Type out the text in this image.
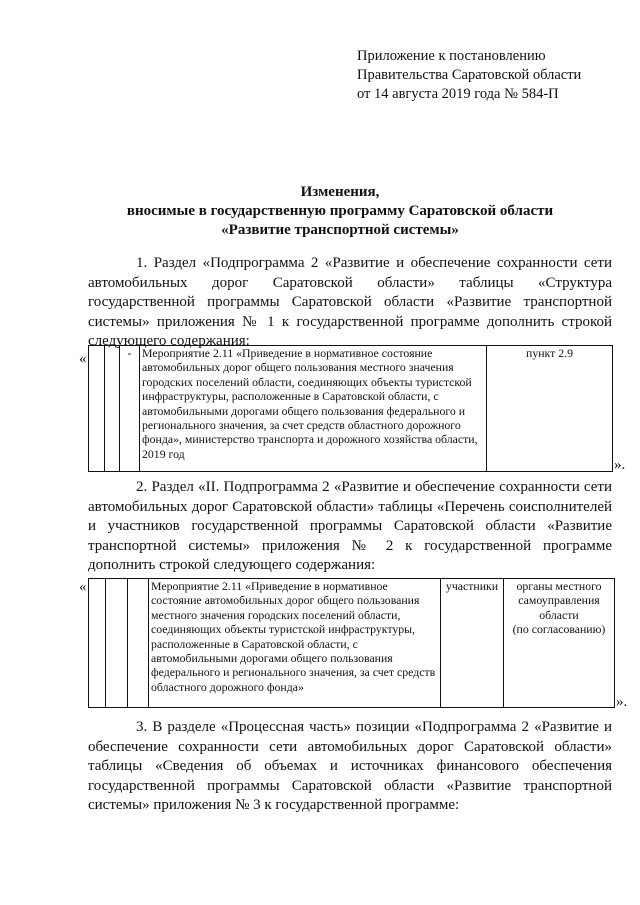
Приложение к постановлению
Правительства Саратовской области
от 14 августа 2019 года № 584-П
Изменения,
вносимые в государственную программу Саратовской области
«Развитие транспортной системы»
1. Раздел «Подпрограмма 2 «Развитие и обеспечение сохранности сети автомобильных дорог Саратовской области» таблицы «Структура государственной программы Саратовской области «Развитие транспортной системы» приложения № 1 к государственной программе дополнить строкой следующего содержания:
«
			-	Мероприятие 2.11 «Приведение в нормативное состояние автомобильных дорог общего пользования местного значения городских поселений области, соединяющих объекты туристской инфраструктуры, расположенные в Саратовской области, с автомобильными дорогами общего пользования федерального и регионального значения, за счет средств областного дорожного фонда», министерство транспорта и дорожного хозяйства области, 2019 год	пункт 2.9
».
2. Раздел «II. Подпрограмма 2 «Развитие и обеспечение сохранности сети автомобильных дорог Саратовской области» таблицы «Перечень соисполнителей и участников государственной программы Саратовской области «Развитие транспортной системы» приложения № 2 к государственной программе дополнить строкой следующего содержания:
«
				Мероприятие 2.11 «Приведение в нормативное состояние автомобильных дорог общего пользования местного значения городских поселений области, соединяющих объекты туристской инфраструктуры, расположенные в Саратовской области, с автомобильными дорогами общего пользования федерального и регионального значения, за счет средств областного дорожного фонда»	участники	органы местного
самоуправления
области
(по согласованию)
».
3. В разделе «Процессная часть» позиции «Подпрограмма 2 «Развитие и обеспечение сохранности сети автомобильных дорог Саратовской области» таблицы «Сведения об объемах и источниках финансового обеспечения государственной программы Саратовской области «Развитие транспортной системы» приложения № 3 к государственной программе:
